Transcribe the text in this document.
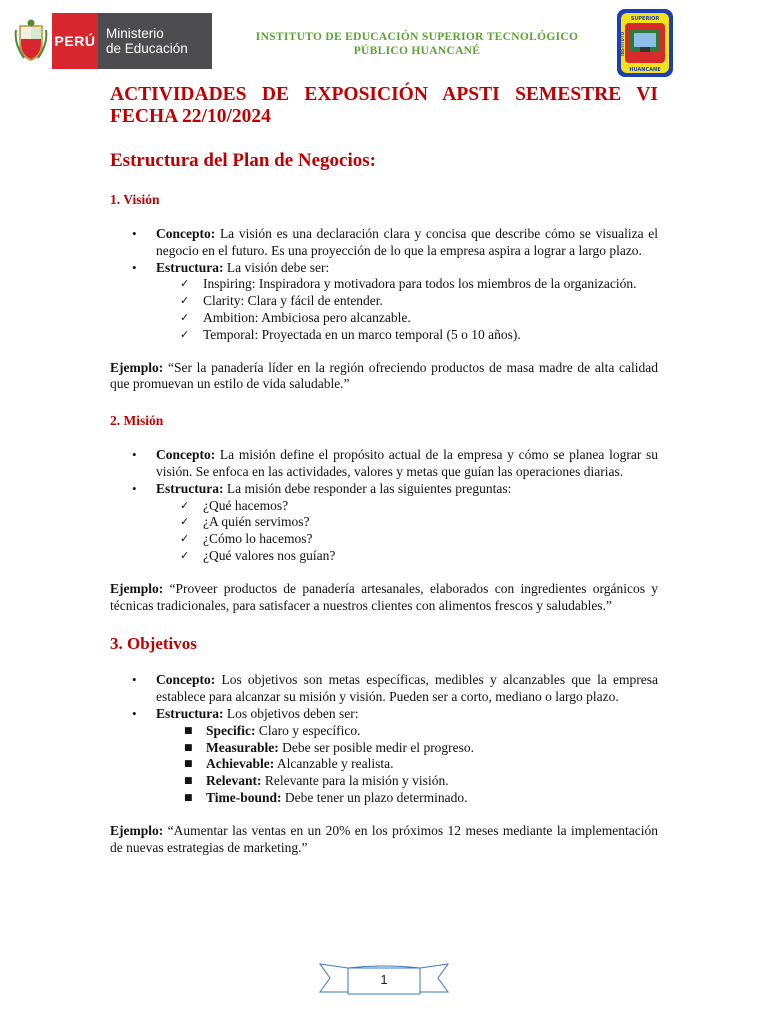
PERÚ Ministerio
de Educación
INSTITUTO DE EDUCACIÓN SUPERIOR TECNOLÓGICO
PÚBLICO HUANCANÉ
SUPERIOR
HUANCANE
INSTITUTO
ACTIVIDADES DE EXPOSICIÓN APSTI SEMESTRE VI
FECHA 22/10/2024
Estructura del Plan de Negocios:
1. Visión
• Concepto: La visión es una declaración clara y concisa que describe cómo se visualiza el negocio en el futuro. Es una proyección de lo que la empresa aspira a lograr a largo plazo.
• Estructura: La visión debe ser:
✓ Inspiring: Inspiradora y motivadora para todos los miembros de la organización.
✓ Clarity: Clara y fácil de entender.
✓ Ambition: Ambiciosa pero alcanzable.
✓ Temporal: Proyectada en un marco temporal (5 o 10 años).

Ejemplo: “Ser la panadería líder en la región ofreciendo productos de masa madre de alta calidad que promuevan un estilo de vida saludable.”

2. Misión
• Concepto: La misión define el propósito actual de la empresa y cómo se planea lograr su visión. Se enfoca en las actividades, valores y metas que guían las operaciones diarias.
• Estructura: La misión debe responder a las siguientes preguntas:
✓ ¿Qué hacemos?
✓ ¿A quién servimos?
✓ ¿Cómo lo hacemos?
✓ ¿Qué valores nos guían?

Ejemplo: “Proveer productos de panadería artesanales, elaborados con ingredientes orgánicos y técnicas tradicionales, para satisfacer a nuestros clientes con alimentos frescos y saludables.”

3. Objetivos
• Concepto: Los objetivos son metas específicas, medibles y alcanzables que la empresa establece para alcanzar su misión y visión. Pueden ser a corto, mediano o largo plazo.
• Estructura: Los objetivos deben ser:
■ Specific: Claro y específico.
■ Measurable: Debe ser posible medir el progreso.
■ Achievable: Alcanzable y realista.
■ Relevant: Relevante para la misión y visión.
■ Time-bound: Debe tener un plazo determinado.

Ejemplo: “Aumentar las ventas en un 20% en los próximos 12 meses mediante la implementación de nuevas estrategias de marketing.”

1
